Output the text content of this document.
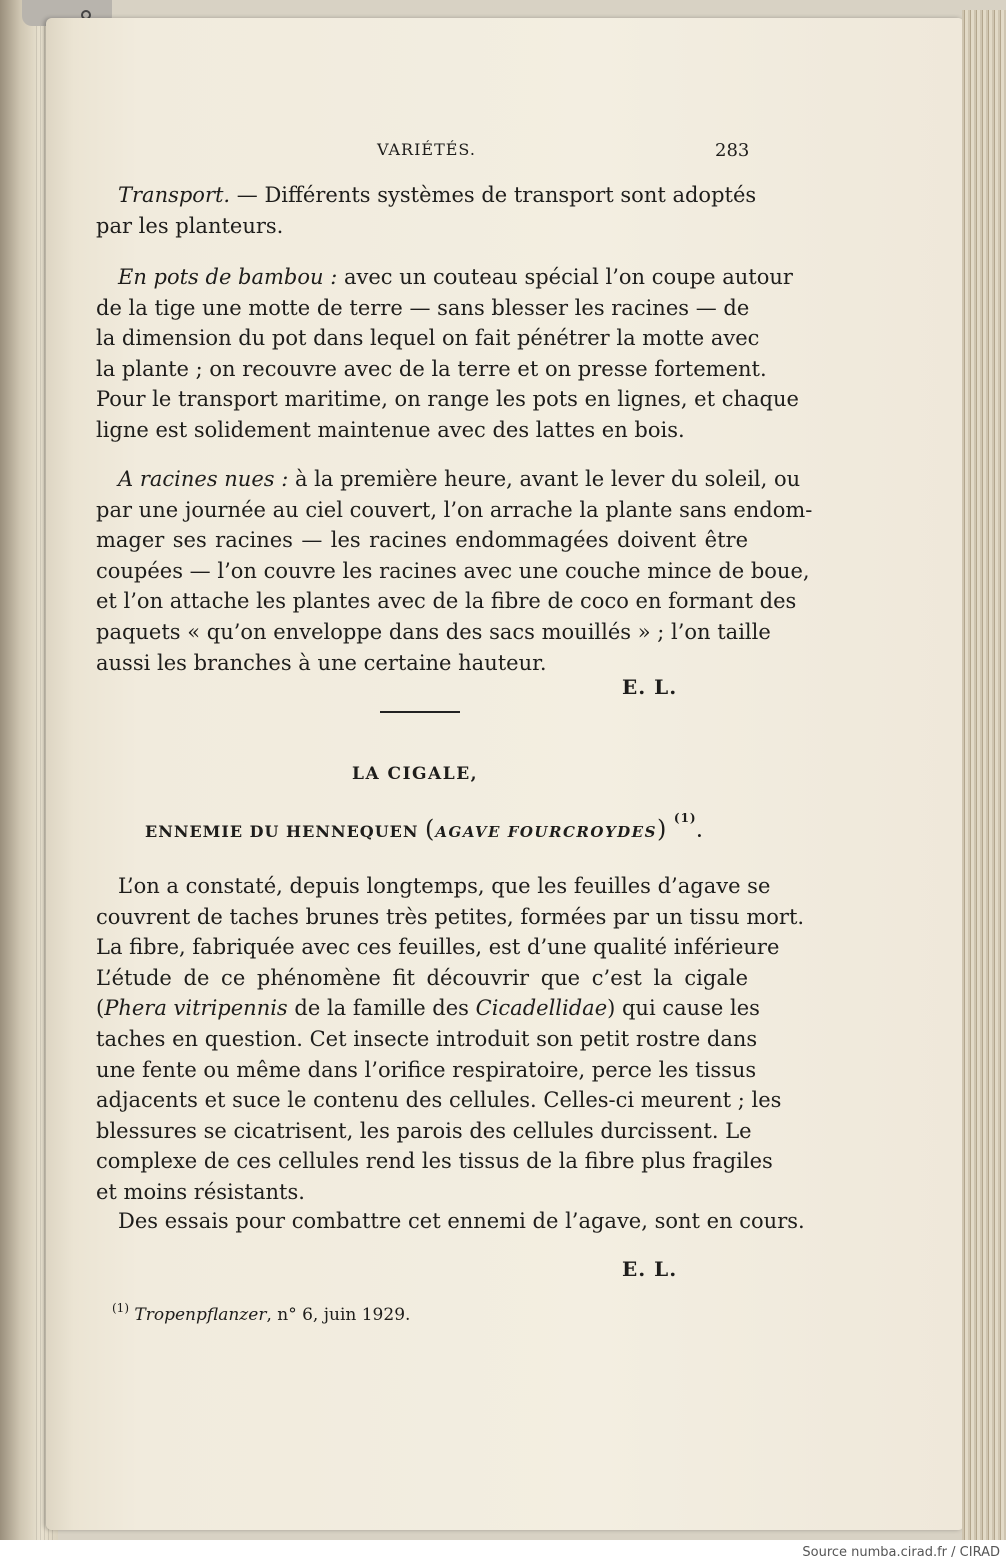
VARIÉTÉS.	283
Transport. — Différents systèmes de transport sont adoptés
par les planteurs.
En pots de bambou : avec un couteau spécial l’on coupe autour
de la tige une motte de terre — sans blesser les racines — de
la dimension du pot dans lequel on fait pénétrer la motte avec
la plante ; on recouvre avec de la terre et on presse fortement.
Pour le transport maritime, on range les pots en lignes, et chaque
ligne est solidement maintenue avec des lattes en bois.
A racines nues : à la première heure, avant le lever du soleil, ou
par une journée au ciel couvert, l’on arrache la plante sans endom-
mager ses racines — les racines endommagées doivent être
coupées — l’on couvre les racines avec une couche mince de boue,
et l’on attache les plantes avec de la fibre de coco en formant des
paquets « qu’on enveloppe dans des sacs mouillés » ; l’on taille
aussi les branches à une certaine hauteur.
E. L.
LA CIGALE,
ENNEMIE DU HENNEQUEN (AGAVE FOURCROYDES) $^{(1)}$.
L’on a constaté, depuis longtemps, que les feuilles d’agave se
couvrent de taches brunes très petites, formées par un tissu mort.
La fibre, fabriquée avec ces feuilles, est d’une qualité inférieure
L’étude de ce phénomène fit découvrir que c’est la cigale
(Phera vitripennis de la famille des Cicadellidae) qui cause les
taches en question. Cet insecte introduit son petit rostre dans
une fente ou même dans l’orifice respiratoire, perce les tissus
adjacents et suce le contenu des cellules. Celles-ci meurent ; les
blessures se cicatrisent, les parois des cellules durcissent. Le
complexe de ces cellules rend les tissus de la fibre plus fragiles
et moins résistants.
Des essais pour combattre cet ennemi de l’agave, sont en cours.
E. L.
$^{(1)}$ Tropenpflanzer, n° 6, juin 1929.
Source numba.cirad.fr / CIRAD
